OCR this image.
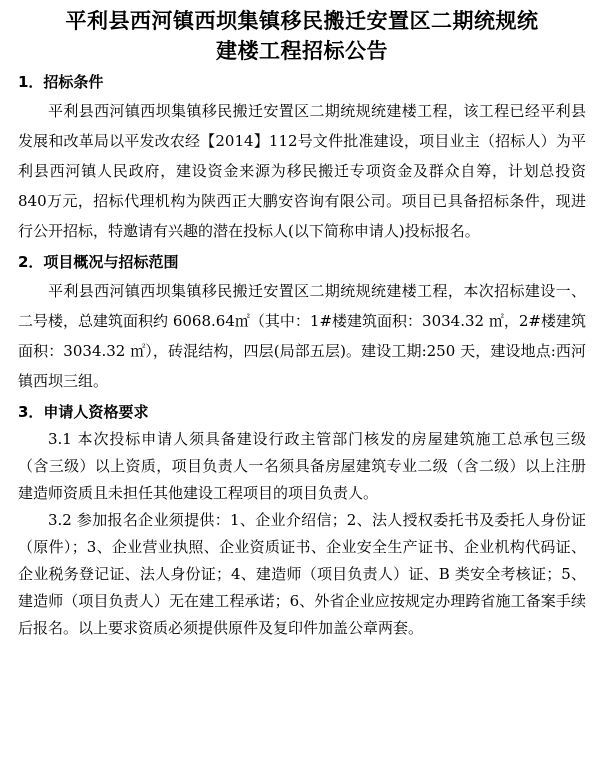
平利县西河镇西坝集镇移民搬迁安置区二期统规统
建楼工程招标公告
1．招标条件

平利县西河镇西坝集镇移民搬迁安置区二期统规统建楼工程，该工程已经平利县发展和改革局以平发改农经【2014】112号文件批准建设，项目业主（招标人）为平利县西河镇人民政府，建设资金来源为移民搬迁专项资金及群众自筹，计划总投资 840万元，招标代理机构为陕西正大鹏安咨询有限公司。项目已具备招标条件，现进行公开招标，特邀请有兴趣的潜在投标人(以下简称申请人)投标报名。

2．项目概况与招标范围

平利县西河镇西坝集镇移民搬迁安置区二期统规统建楼工程，本次招标建设一、二号楼，总建筑面积约 6068.64㎡（其中：1#楼建筑面积：3034.32 ㎡，2#楼建筑面积：3034.32 ㎡），砖混结构，四层(局部五层)。建设工期:250 天，建设地点:西河镇西坝三组。

3．申请人资格要求

3.1 本次投标申请人须具备建设行政主管部门核发的房屋建筑施工总承包三级（含三级）以上资质，项目负责人一名须具备房屋建筑专业二级（含二级）以上注册建造师资质且未担任其他建设工程项目的项目负责人。

3.2 参加报名企业须提供：1、企业介绍信；2、法人授权委托书及委托人身份证（原件）；3、企业营业执照、企业资质证书、企业安全生产证书、企业机构代码证、企业税务登记证、法人身份证；4、建造师（项目负责人）证、B 类安全考核证；5、建造师（项目负责人）无在建工程承诺；6、外省企业应按规定办理跨省施工备案手续后报名。以上要求资质必须提供原件及复印件加盖公章两套。
